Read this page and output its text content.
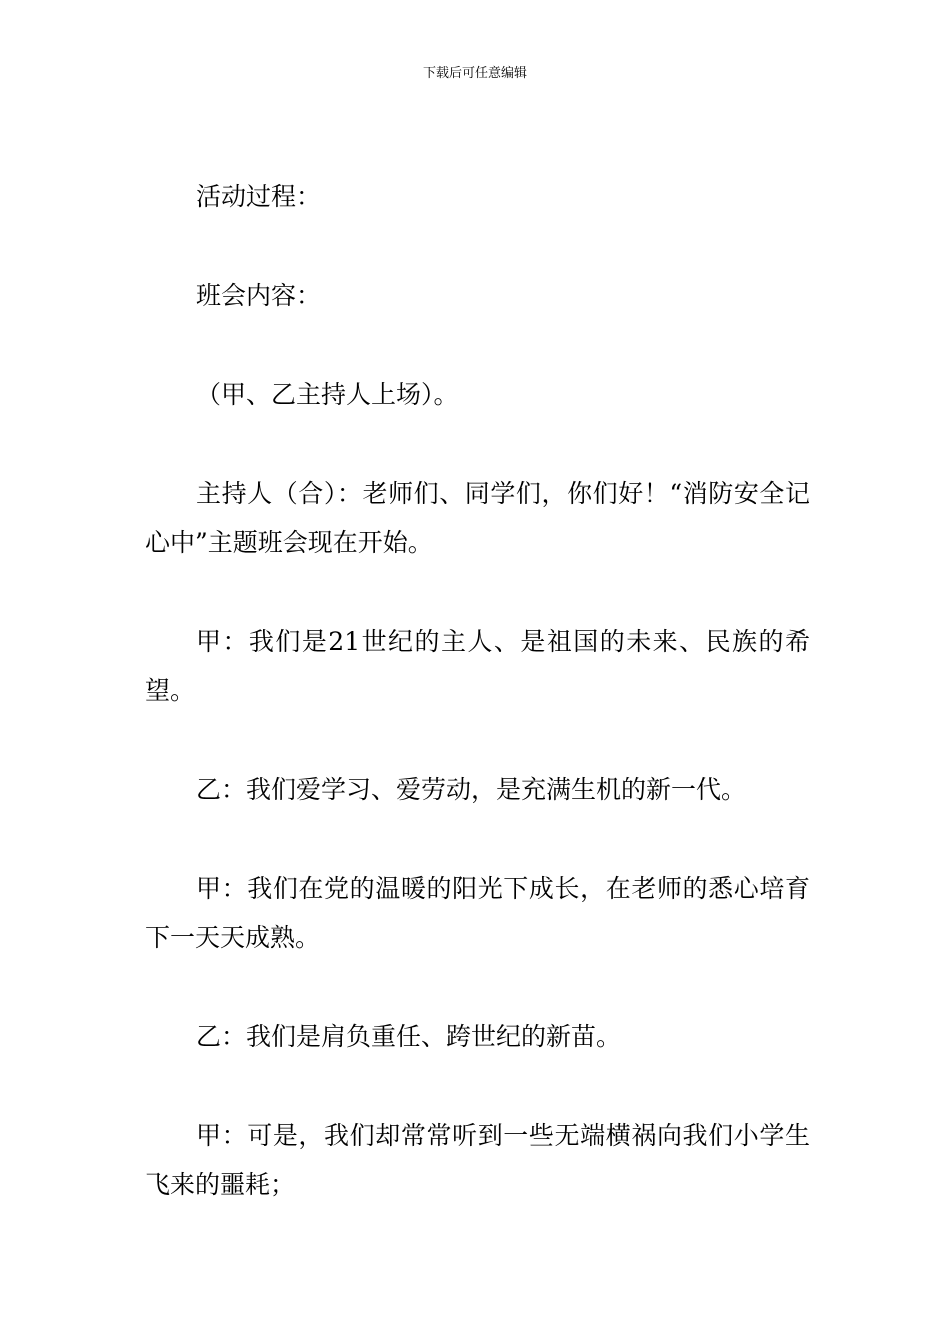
下载后可任意编辑

活动过程：

班会内容：

（甲、乙主持人上场）。

主持人（合）：老师们、同学们，你们好！“消防安全记心中”主题班会现在开始。

甲：我们是21世纪的主人、是祖国的未来、民族的希望。

乙：我们爱学习、爱劳动，是充满生机的新一代。

甲：我们在党的温暖的阳光下成长，在老师的悉心培育下一天天成熟。

乙：我们是肩负重任、跨世纪的新苗。

甲：可是，我们却常常听到一些无端横祸向我们小学生飞来的噩耗；
